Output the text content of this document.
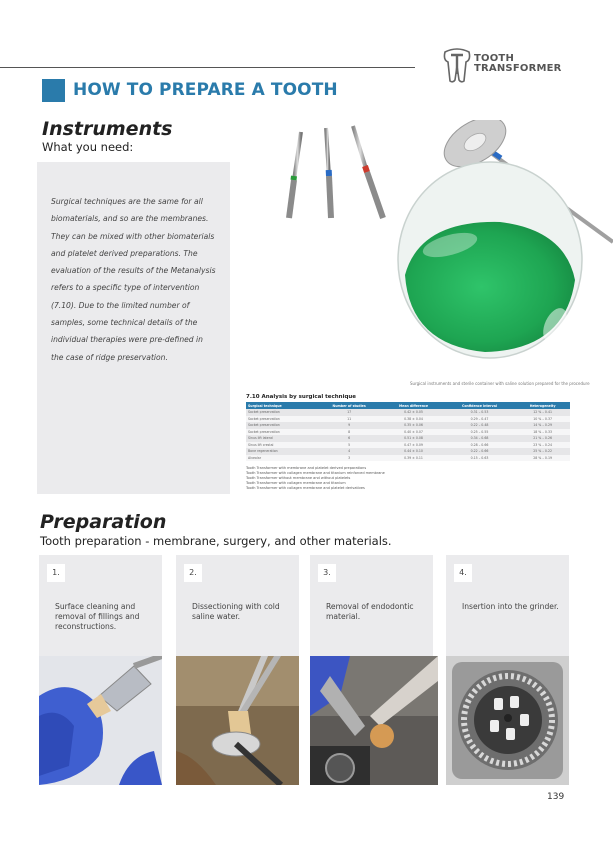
TOOTH
TRANSFORMER
HOW TO PREPARE A TOOTH
Instruments
What you need:

Surgical techniques are the same for all biomaterials, and so are the membranes. They can be mixed with other biomaterials and platelet derived preparations. The evaluation of the results of the Metanalysis refers to a specific type of intervention (7.10). Due to the limited number of samples, some technical details of the individual therapies were pre-defined in the case of ridge preservation.

Surgical instruments and sterile container with saline solution prepared for the procedure
7.10 Analysis by surgical technique
Surgical technique	Number of studies	Mean difference	Confidence interval	Heterogeneity
Socket preservation	17	0.42 ± 0.05	0.31 – 0.53	12 % – 0.41
Socket preservation	11	0.38 ± 0.04	0.29 – 0.47	10 % – 0.37
Socket preservation	9	0.35 ± 0.06	0.22 – 0.48	14 % – 0.29
Socket preservation	8	0.40 ± 0.07	0.25 – 0.55	18 % – 0.33
Sinus lift lateral	6	0.51 ± 0.08	0.34 – 0.68	21 % – 0.26
Sinus lift crestal	5	0.47 ± 0.09	0.28 – 0.66	23 % – 0.24
Bone regeneration	4	0.44 ± 0.10	0.22 – 0.66	25 % – 0.22
Alveolar	3	0.39 ± 0.11	0.15 – 0.63	28 % – 0.19
Tooth Transformer with membrane and platelet derived preparations
Tooth Transformer with collagen membrane and titanium reinforced membrane
Tooth Transformer without membrane and without platelets
Tooth Transformer with collagen membrane and titanium
Tooth Transformer with collagen membrane and platelet derivatives
Preparation
Tooth preparation - membrane, surgery, and other materials.
1.
Surface cleaning and removal of fillings and reconstructions.
2.
Dissectioning with cold saline water.
3.
Removal of endodontic material.
4.
Insertion into the grinder.
139
